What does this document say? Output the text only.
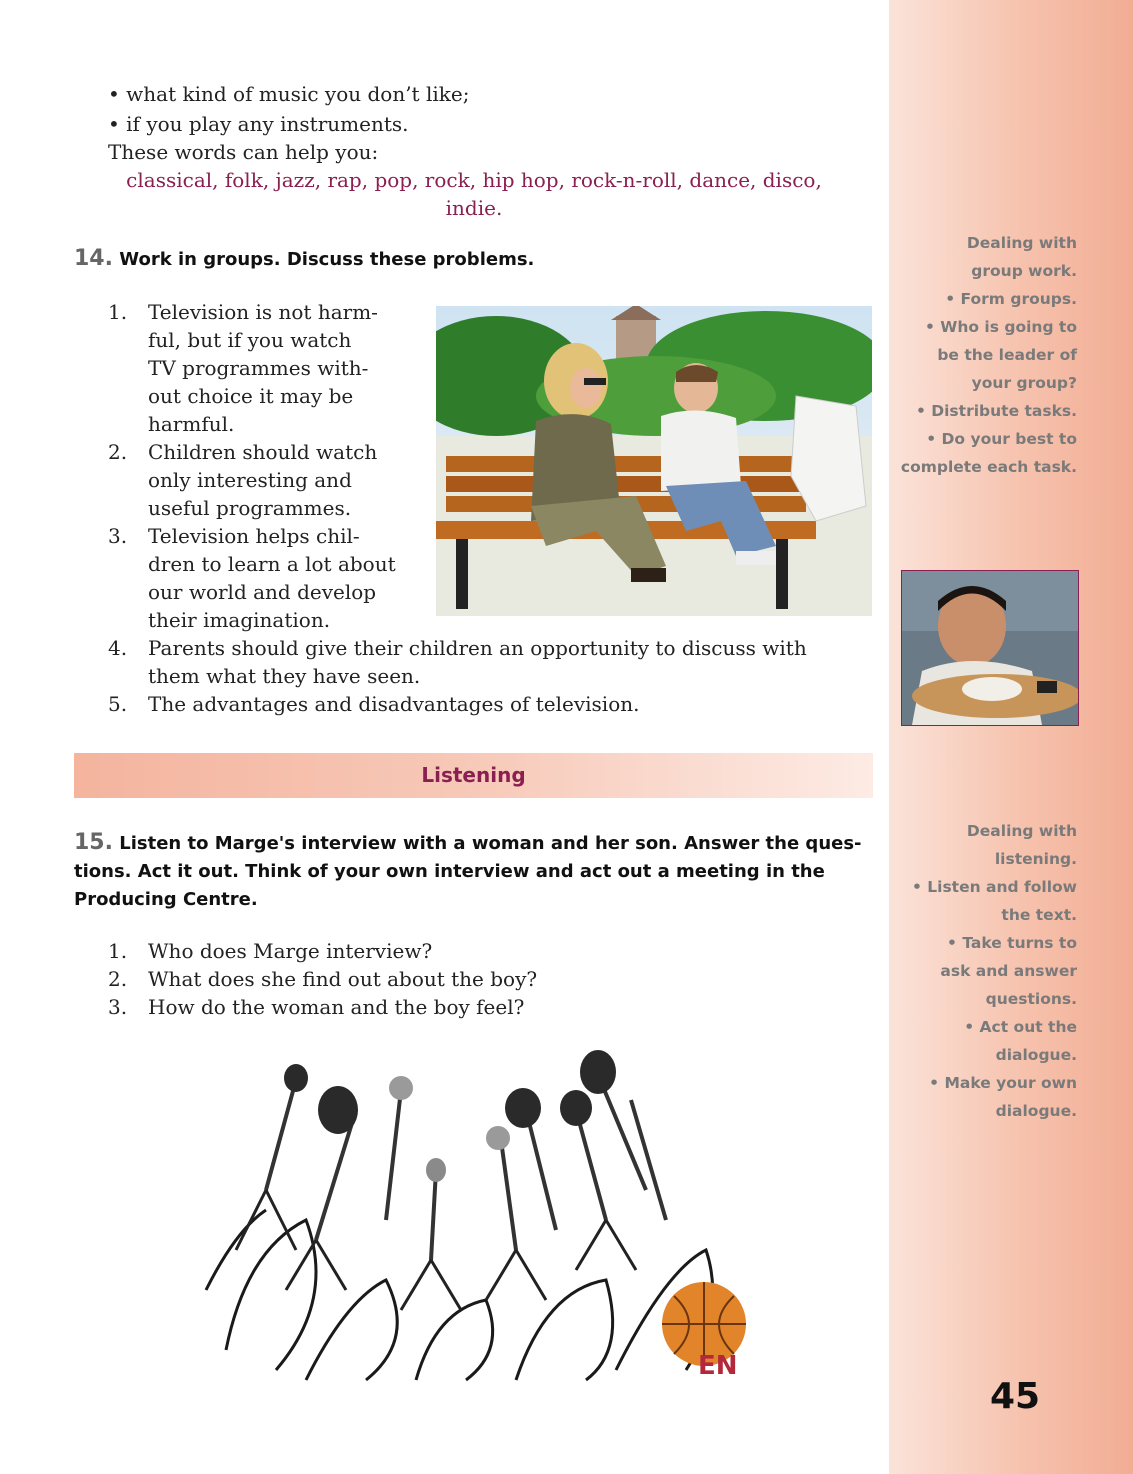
• what kind of music you don’t like;
• if you play any instruments.
These words can help you:
classical, folk, jazz, rap, pop, rock, hip hop, rock-n-roll, dance, disco,
indie.
14. Work in groups. Discuss these problems.
1.	Television is not harm-
ful, but if you watch
TV programmes with-
out choice it may be
harmful.
2.	Children should watch
only interesting and
useful programmes.
3.	Television helps chil-
dren to learn a lot about
our world and develop
their imagination.
4.	Parents should give their children an opportunity to discuss with
them what they have seen.
5.	The advantages and disadvantages of television.
Dealing with
group work.
• Form groups.
• Who is going to
be the leader of
your group?
• Distribute tasks.
• Do your best to
complete each task.
Listening
15. Listen to Marge's interview with a woman and her son. Answer the ques-
tions. Act it out. Think of your own interview and act out a meeting in the
Producing Centre.
1.	Who does Marge interview?
2.	What does she find out about the boy?
3.	How do the woman and the boy feel?
Dealing with
listening.
• Listen and follow
the text.
• Take turns to
ask and answer
questions.
• Act out the
dialogue.
• Make your own
dialogue.
EN
45
